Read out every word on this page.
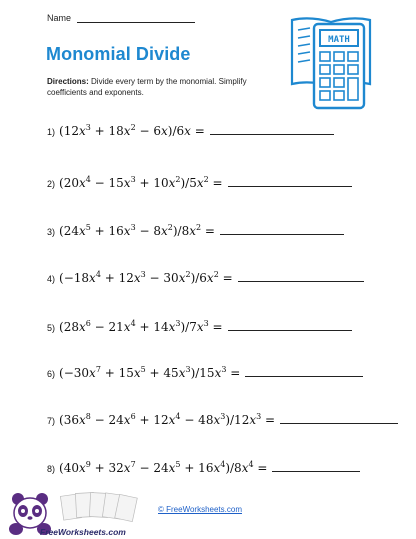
Name
Monomial Divide
Directions: Divide every term by the monomial. Simplify coefficients and exponents.
MATH
1) $(12x^3 + 18x^2 - 6x)/6x$ =
2) $(20x^4 - 15x^3 + 10x^2)/5x^2$ =
3) $(24x^5 + 16x^3 - 8x^2)/8x^2$ =
4) $(-18x^4 + 12x^3 - 30x^2)/6x^2$ =
5) $(28x^6 - 21x^4 + 14x^3)/7x^3$ =
6) $(-30x^7 + 15x^5 + 45x^3)/15x^3$ =
7) $(36x^8 - 24x^6 + 12x^4 - 48x^3)/12x^3$ =
8) $(40x^9 + 32x^7 - 24x^5 + 16x^4)/8x^4$ =
FreeWorksheets.com
© FreeWorksheets.com
